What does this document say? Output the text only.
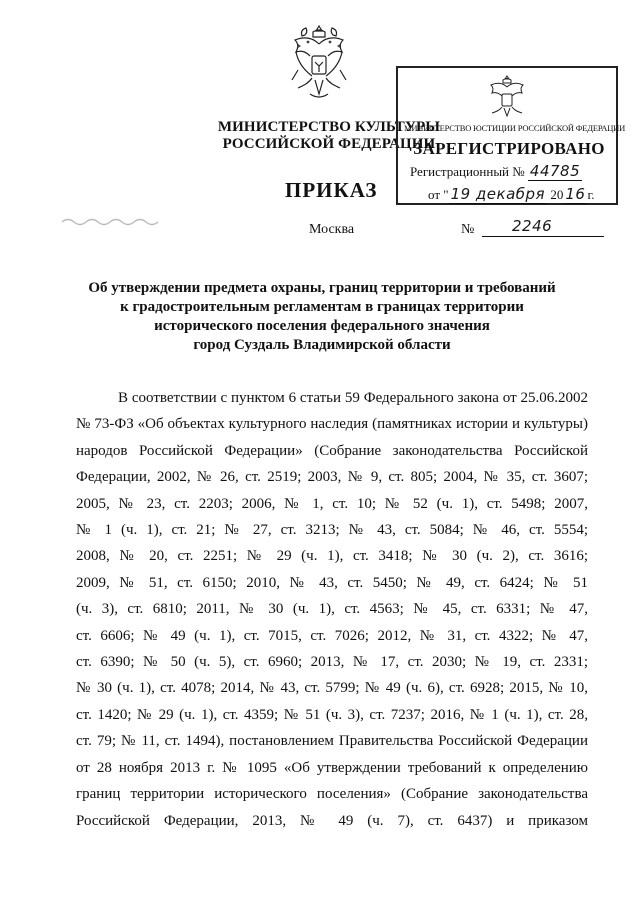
МИНИСТЕРСТВО КУЛЬТУРЫ
РОССИЙСКОЙ ФЕДЕРАЦИИ
МИНИСТЕРСТВО ЮСТИЦИИ РОССИЙСКОЙ ФЕДЕРАЦИИ
ЗАРЕГИСТРИРОВАНО
Регистрационный № 44785
от " 19 декабря 20 16 г.
ПРИКАЗ
Москва	№	2246
Об утверждении предмета охраны, границ территории и требований
к градостроительным регламентам в границах территории
исторического поселения федерального значения
город Суздаль Владимирской области
В соответствии с пунктом 6 статьи 59 Федерального закона от 25.06.2002
№ 73-ФЗ «Об объектах культурного наследия (памятниках истории и культуры)
народов Российской Федерации» (Собрание законодательства Российской
Федерации, 2002, № 26, ст. 2519; 2003, № 9, ст. 805; 2004, № 35, ст. 3607;
2005, № 23, ст. 2203; 2006, № 1, ст. 10; № 52 (ч. 1), ст. 5498; 2007,
№ 1 (ч. 1), ст. 21; № 27, ст. 3213; № 43, ст. 5084; № 46, ст. 5554;
2008, № 20, ст. 2251; № 29 (ч. 1), ст. 3418; № 30 (ч. 2), ст. 3616;
2009, № 51, ст. 6150; 2010, № 43, ст. 5450; № 49, ст. 6424; № 51
(ч. 3), ст. 6810; 2011, № 30 (ч. 1), ст. 4563; № 45, ст. 6331; № 47,
ст. 6606; № 49 (ч. 1), ст. 7015, ст. 7026; 2012, № 31, ст. 4322; № 47,
ст. 6390; № 50 (ч. 5), ст. 6960; 2013, № 17, ст. 2030; № 19, ст. 2331;
№ 30 (ч. 1), ст. 4078; 2014, № 43, ст. 5799; № 49 (ч. 6), ст. 6928; 2015, № 10,
ст. 1420; № 29 (ч. 1), ст. 4359; № 51 (ч. 3), ст. 7237; 2016, № 1 (ч. 1), ст. 28,
ст. 79; № 11, ст. 1494), постановлением Правительства Российской Федерации
от 28 ноября 2013 г. № 1095 «Об утверждении требований к определению
границ территории исторического поселения» (Собрание законодательства
Российской Федерации, 2013, № 49 (ч. 7), ст. 6437) и приказом
